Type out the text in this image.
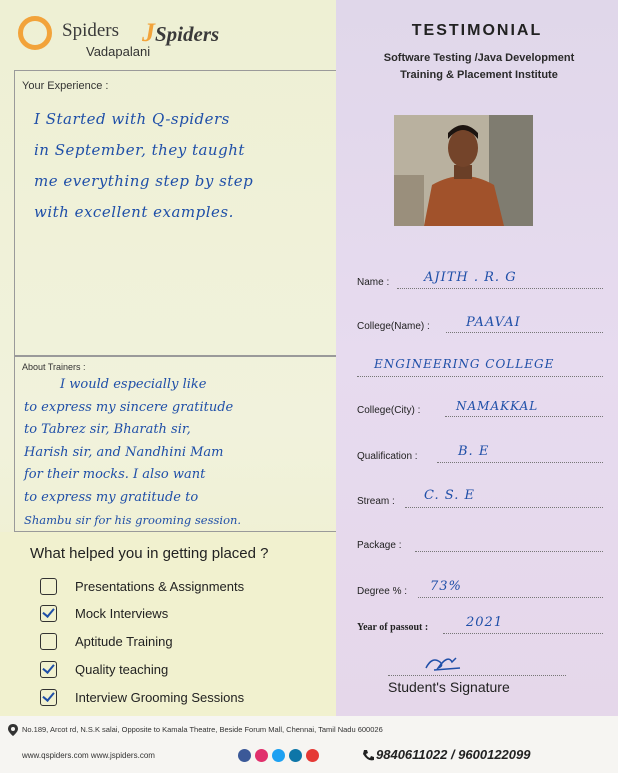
Spiders JSpiders
Vadapalani
Your Experience :
I Started with Q-spiders
in September, they taught
me everything step by step
with excellent examples.
About Trainers :
I would especially like
to express my sincere gratitude
to Tabrez sir, Bharath sir,
Harish sir, and Nandhini Mam
for their mocks. I also want
to express my gratitude to
Shambu sir for his grooming session.
What helped you in getting placed ?
Presentations & Assignments
Mock Interviews
Aptitude Training
Quality teaching
Interview Grooming Sessions
TESTIMONIAL
Software Testing /Java Development
Training & Placement Institute
Name :	AJITH . R. G
College(Name) :	PAAVAI
ENGINEERING COLLEGE
College(City) :	NAMAKKAL
Qualification :	B. E
Stream : C. S. E
Package :
Degree % : 73%
Year of passout :	2021
Student's Signature
No.189, Arcot rd, N.S.K salai, Opposite to Kamala Theatre, Beside Forum Mall, Chennai, Tamil Nadu 600026
www.qspiders.com www.jspiders.com	9840611022 / 9600122099
